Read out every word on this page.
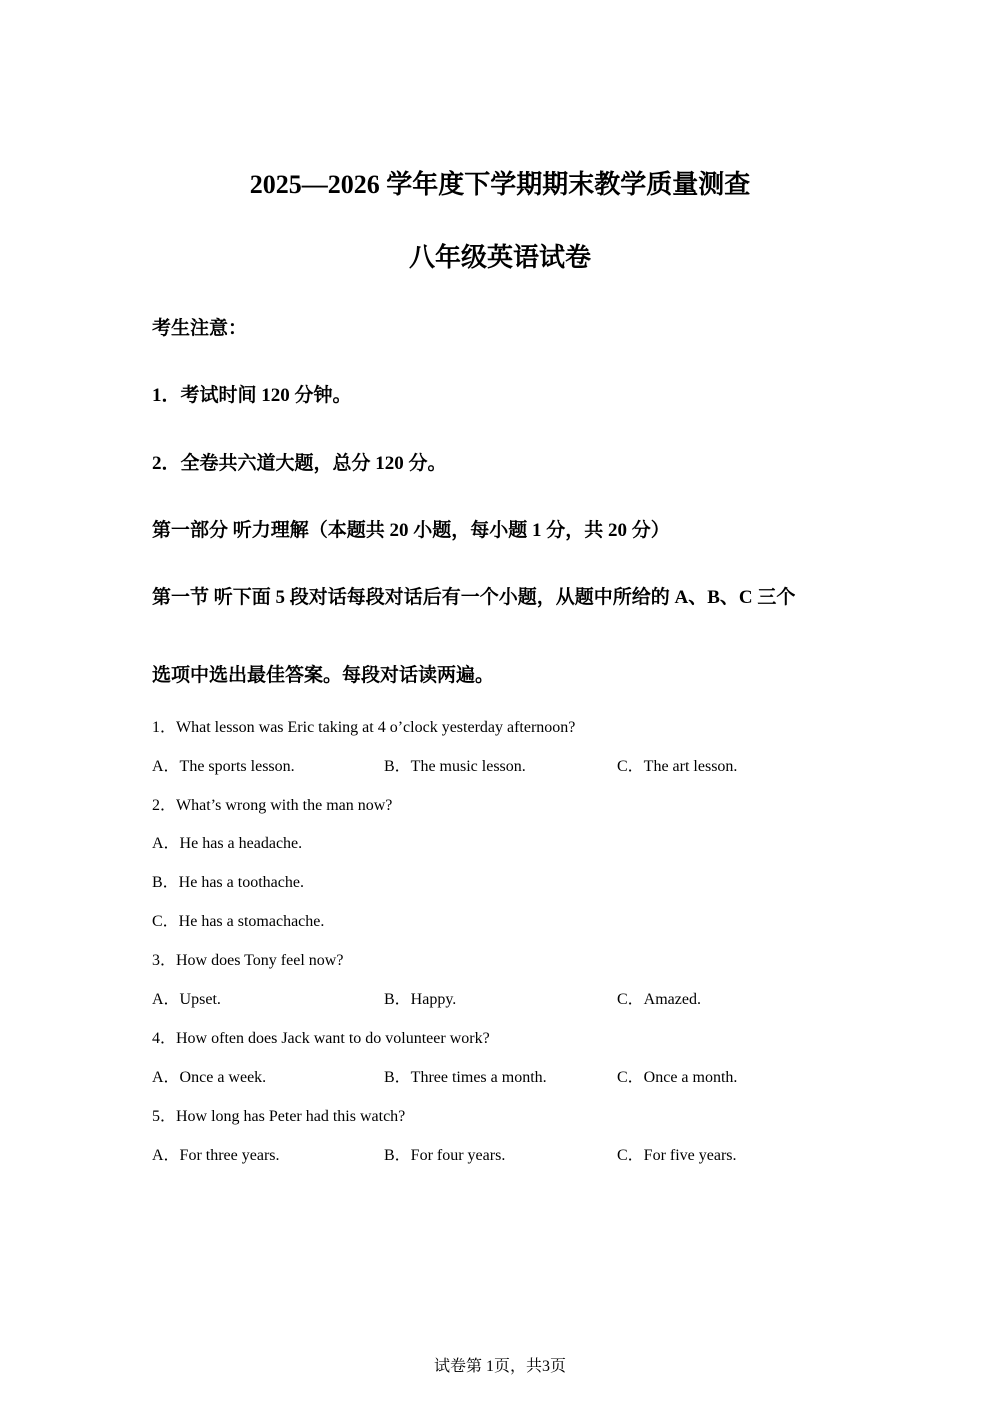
2025—2026 学年度下学期期末教学质量测查
八年级英语试卷
考生注意：
1．考试时间 120 分钟。
2．全卷共六道大题，总分 120 分。
第一部分 听力理解（本题共 20 小题，每小题 1 分，共 20 分）
第一节 听下面 5 段对话每段对话后有一个小题，从题中所给的 A、B、C 三个
选项中选出最佳答案。每段对话读两遍。
1．What lesson was Eric taking at 4 o’clock yesterday afternoon?
A．The sports lesson.	B．The music lesson.	C．The art lesson.
2．What’s wrong with the man now?
A．He has a headache.
B．He has a toothache.
C．He has a stomachache.
3．How does Tony feel now?
A．Upset.	B．Happy.	C．Amazed.
4．How often does Jack want to do volunteer work?
A．Once a week.	B．Three times a month.	C．Once a month.
5．How long has Peter had this watch?
A．For three years.	B．For four years.	C．For five years.
试卷第 1页，共3页
